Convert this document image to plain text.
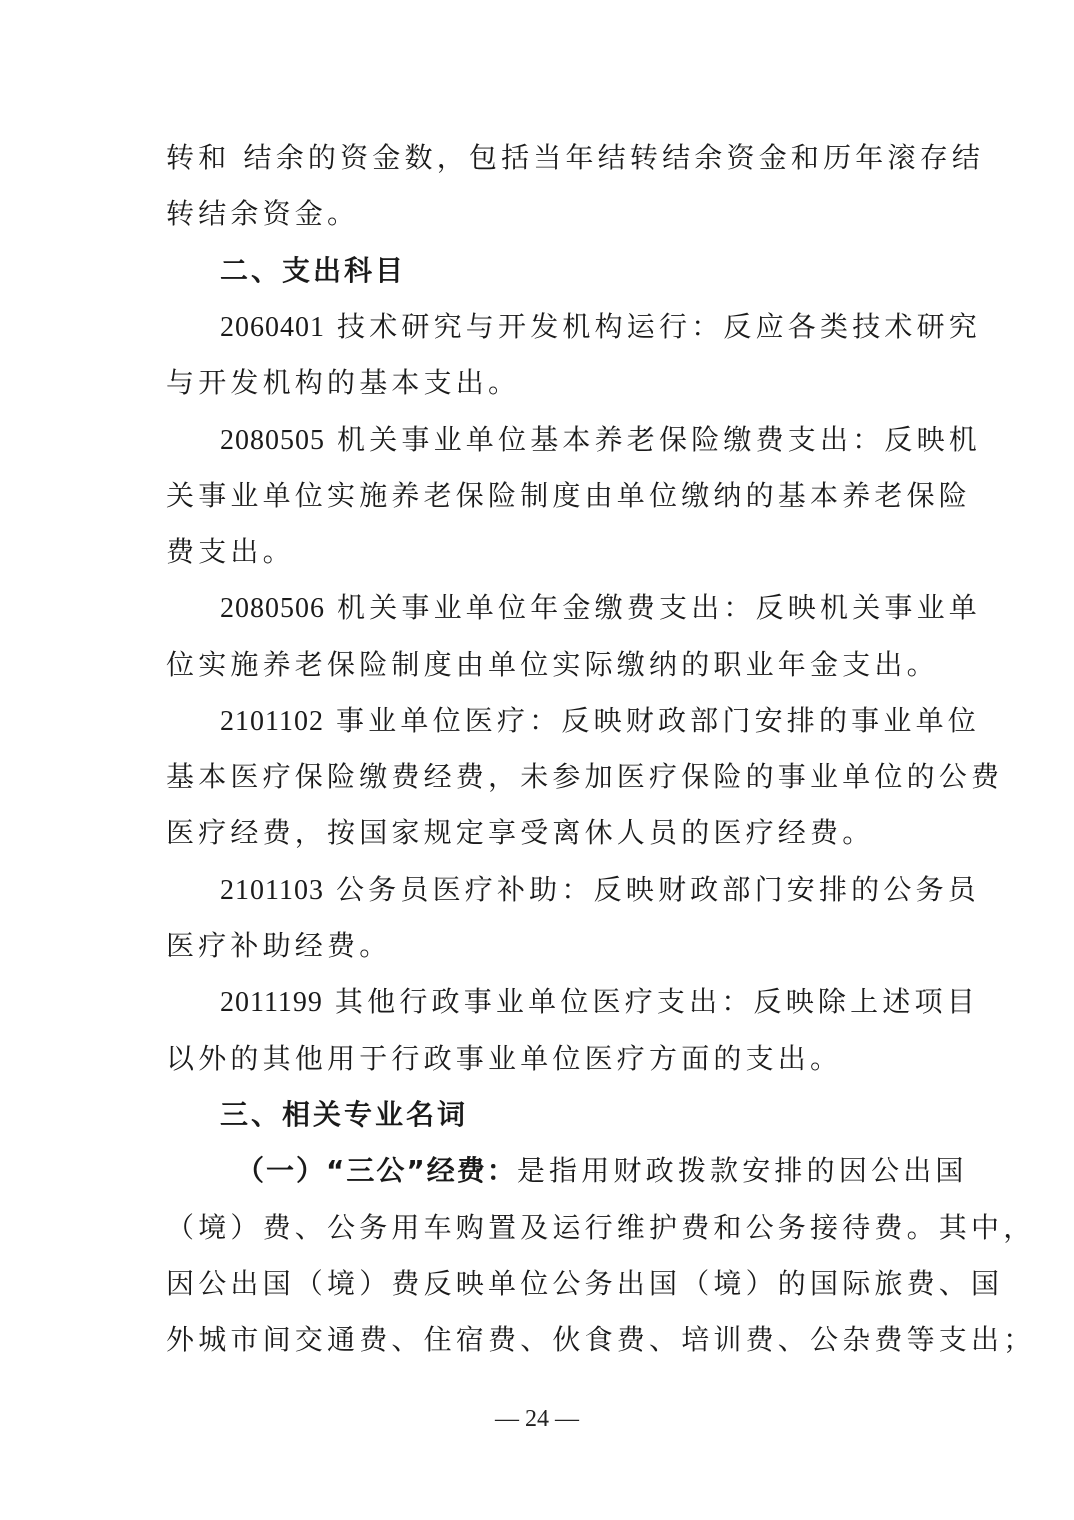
转和 结余的资金数，包括当年结转结余资金和历年滚存结
转结余资金。
二、支出科目
2060401 技术研究与开发机构运行：反应各类技术研究
与开发机构的基本支出。
2080505 机关事业单位基本养老保险缴费支出：反映机
关事业单位实施养老保险制度由单位缴纳的基本养老保险
费支出。
2080506 机关事业单位年金缴费支出：反映机关事业单
位实施养老保险制度由单位实际缴纳的职业年金支出。
2101102 事业单位医疗：反映财政部门安排的事业单位
基本医疗保险缴费经费，未参加医疗保险的事业单位的公费
医疗经费，按国家规定享受离休人员的医疗经费。
2101103 公务员医疗补助：反映财政部门安排的公务员
医疗补助经费。
2011199 其他行政事业单位医疗支出：反映除上述项目
以外的其他用于行政事业单位医疗方面的支出。
三、相关专业名词
（一）“三公”经费：是指用财政拨款安排的因公出国
（境）费、公务用车购置及运行维护费和公务接待费。其中，
因公出国（境）费反映单位公务出国（境）的国际旅费、国
外城市间交通费、住宿费、伙食费、培训费、公杂费等支出；
— 24 —
